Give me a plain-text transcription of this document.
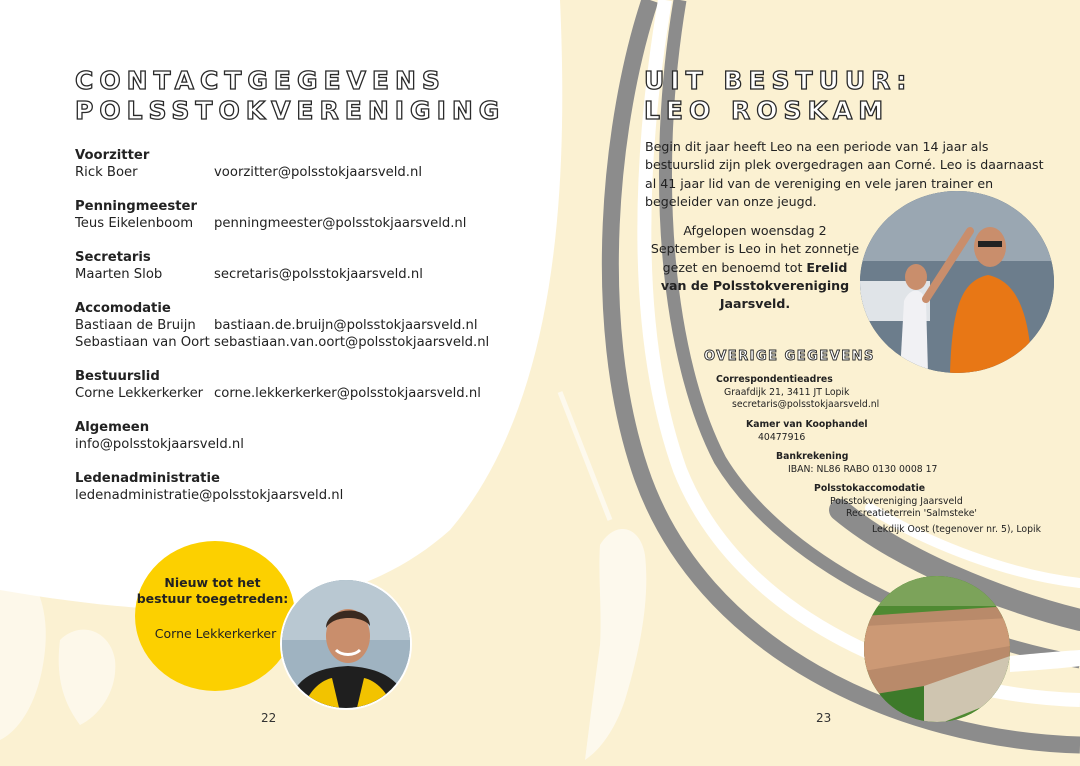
CONTACTGEGEVENS
POLSSTOKVERENIGING
Voorzitter
Rick Boer	voorzitter@polsstokjaarsveld.nl
Penningmeester
Teus Eikelenboom	penningmeester@polsstokjaarsveld.nl
Secretaris
Maarten Slob	secretaris@polsstokjaarsveld.nl
Accomodatie
Bastiaan de Bruijn	bastiaan.de.bruijn@polsstokjaarsveld.nl
Sebastiaan van Oort sebastiaan.van.oort@polsstokjaarsveld.nl
Bestuurslid
Corne Lekkerkerker corne.lekkerkerker@polsstokjaarsveld.nl
Algemeen
info@polsstokjaarsveld.nl
Ledenadministratie
ledenadministratie@polsstokjaarsveld.nl
Nieuw tot het bestuur toegetreden:
Corne Lekkerkerker
22
UIT BESTUUR:
LEO ROSKAM
Begin dit jaar heeft Leo na een periode van 14 jaar als bestuurslid zijn plek overgedragen aan Corné. Leo is daarnaast al 41 jaar lid van de vereniging en vele jaren trainer en begeleider van onze jeugd.
Afgelopen woensdag 2 September is Leo in het zonnetje gezet en benoemd tot Erelid van de Polsstokvereniging Jaarsveld.
OVERIGE GEGEVENS
Correspondentieadres
Graafdijk 21, 3411 JT Lopik
secretaris@polsstokjaarsveld.nl
Kamer van Koophandel
40477916
Bankrekening
IBAN: NL86 RABO 0130 0008 17
Polsstokaccomodatie
Polsstokvereniging Jaarsveld
Recreatieterrein 'Salmsteke'
Lekdijk Oost (tegenover nr. 5), Lopik
23
